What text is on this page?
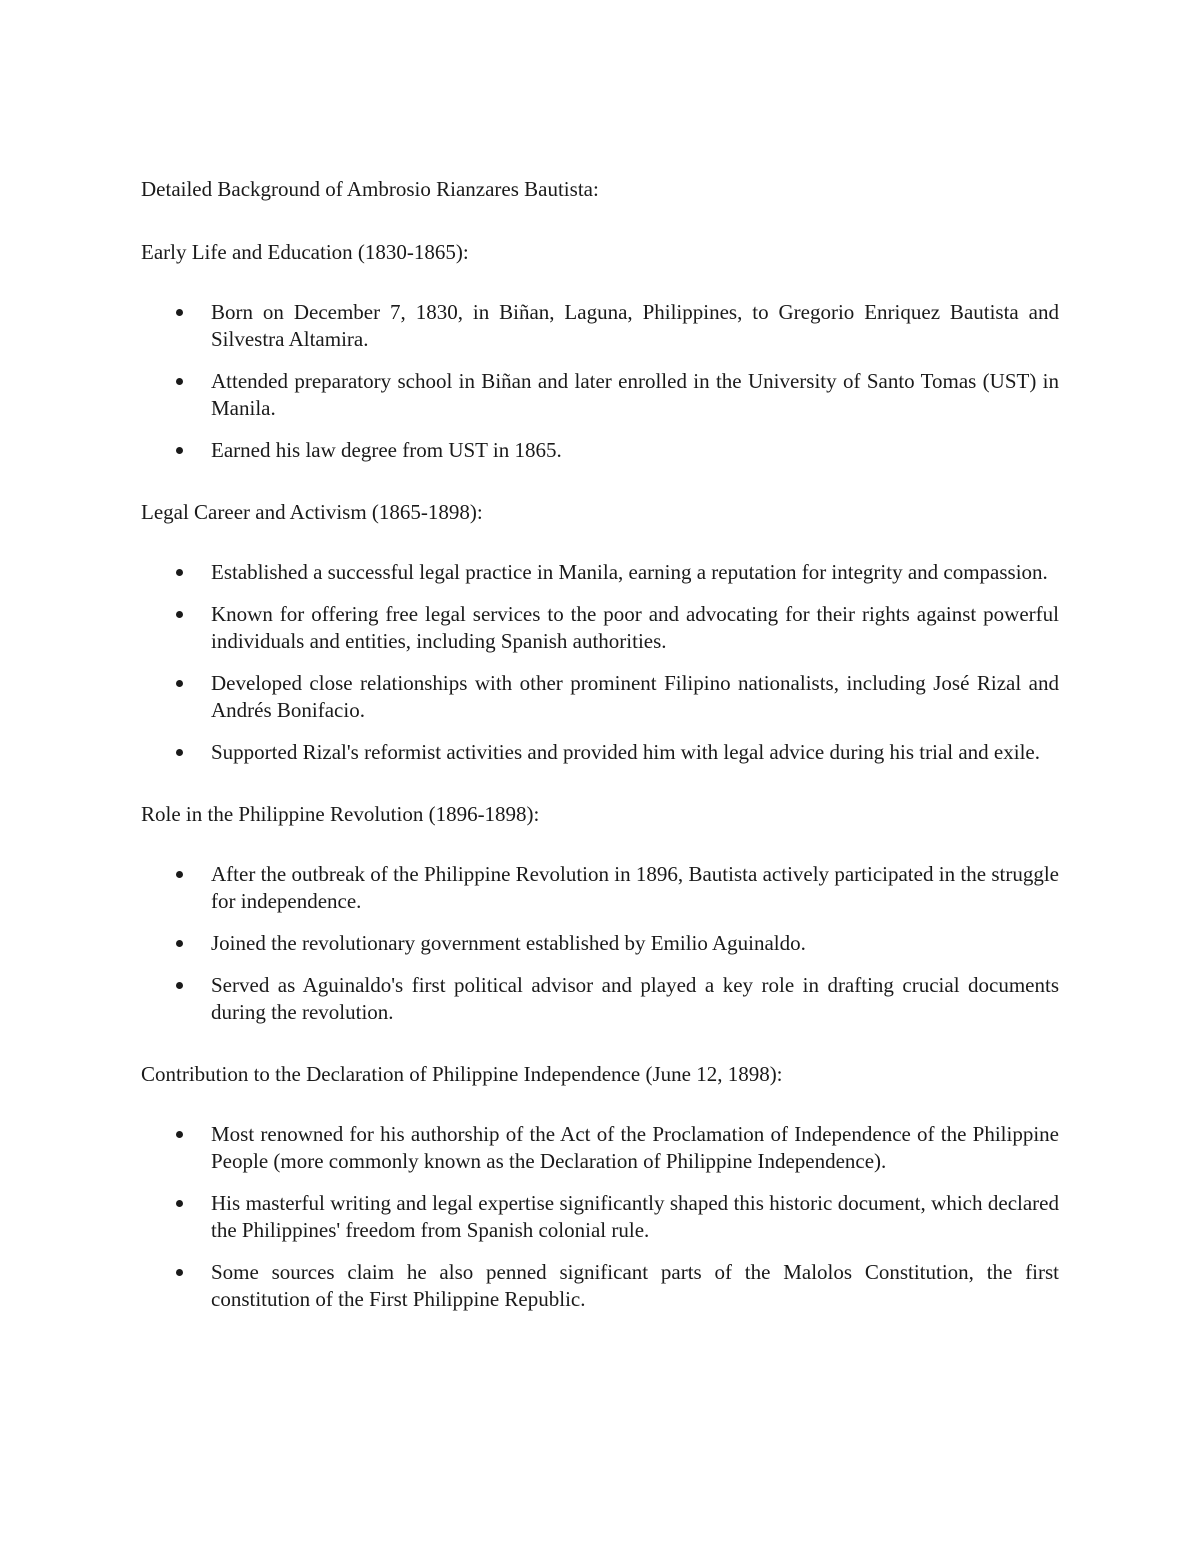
Detailed Background of Ambrosio Rianzares Bautista:

Early Life and Education (1830-1865):

Born on December 7, 1830, in Biñan, Laguna, Philippines, to Gregorio Enriquez Bautista and Silvestra Altamira.
Attended preparatory school in Biñan and later enrolled in the University of Santo Tomas (UST) in Manila.
Earned his law degree from UST in 1865.

Legal Career and Activism (1865-1898):

Established a successful legal practice in Manila, earning a reputation for integrity and compassion.
Known for offering free legal services to the poor and advocating for their rights against powerful individuals and entities, including Spanish authorities.
Developed close relationships with other prominent Filipino nationalists, including José Rizal and Andrés Bonifacio.
Supported Rizal's reformist activities and provided him with legal advice during his trial and exile.

Role in the Philippine Revolution (1896-1898):

After the outbreak of the Philippine Revolution in 1896, Bautista actively participated in the struggle for independence.
Joined the revolutionary government established by Emilio Aguinaldo.
Served as Aguinaldo's first political advisor and played a key role in drafting crucial documents during the revolution.

Contribution to the Declaration of Philippine Independence (June 12, 1898):

Most renowned for his authorship of the Act of the Proclamation of Independence of the Philippine People (more commonly known as the Declaration of Philippine Independence).
His masterful writing and legal expertise significantly shaped this historic document, which declared the Philippines' freedom from Spanish colonial rule.
Some sources claim he also penned significant parts of the Malolos Constitution, the first constitution of the First Philippine Republic.
